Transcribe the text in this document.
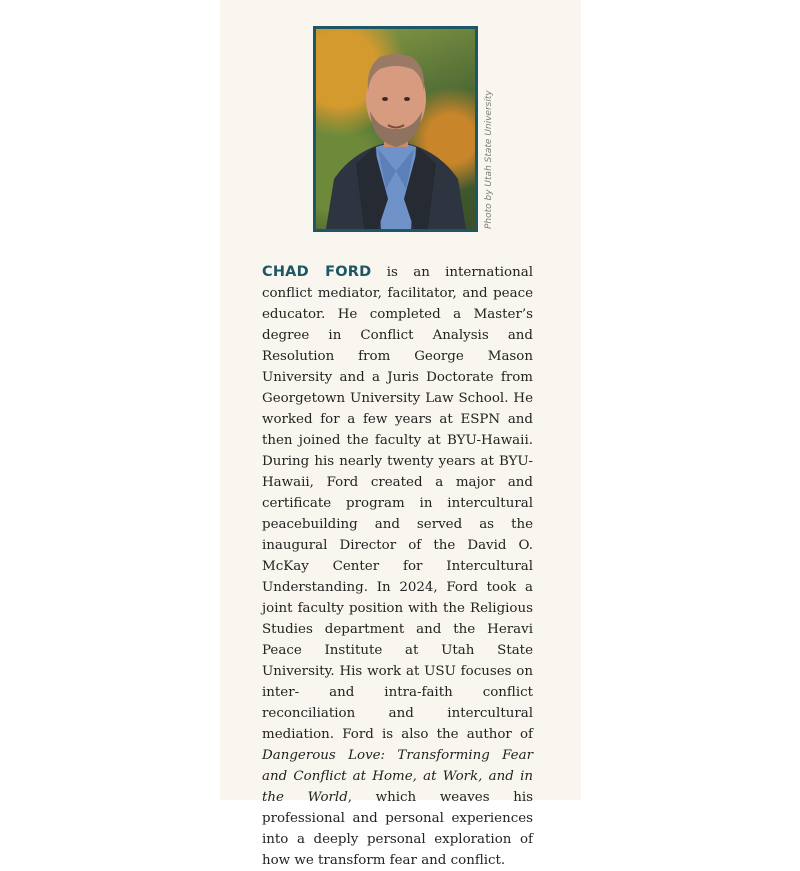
Photo by Utah State University

CHAD FORD is an international conflict mediator, facilitator, and peace educator. He completed a Master’s degree in Conflict Analysis and Resolution from George Mason University and a Juris Doctorate from Georgetown University Law School. He worked for a few years at ESPN and then joined the faculty at BYU-Hawaii. During his nearly twenty years at BYU-Hawaii, Ford created a major and certificate program in intercultural peacebuilding and served as the inaugural Director of the David O. McKay Center for Intercultural Understanding. In 2024, Ford took a joint faculty position with the Religious Studies department and the Heravi Peace Institute at Utah State University. His work at USU focuses on inter- and intra-faith conflict reconciliation and intercultural mediation. Ford is also the author of Dangerous Love: Transforming Fear and Conflict at Home, at Work, and in the World, which weaves his professional and personal experiences into a deeply personal exploration of how we transform fear and conflict.
